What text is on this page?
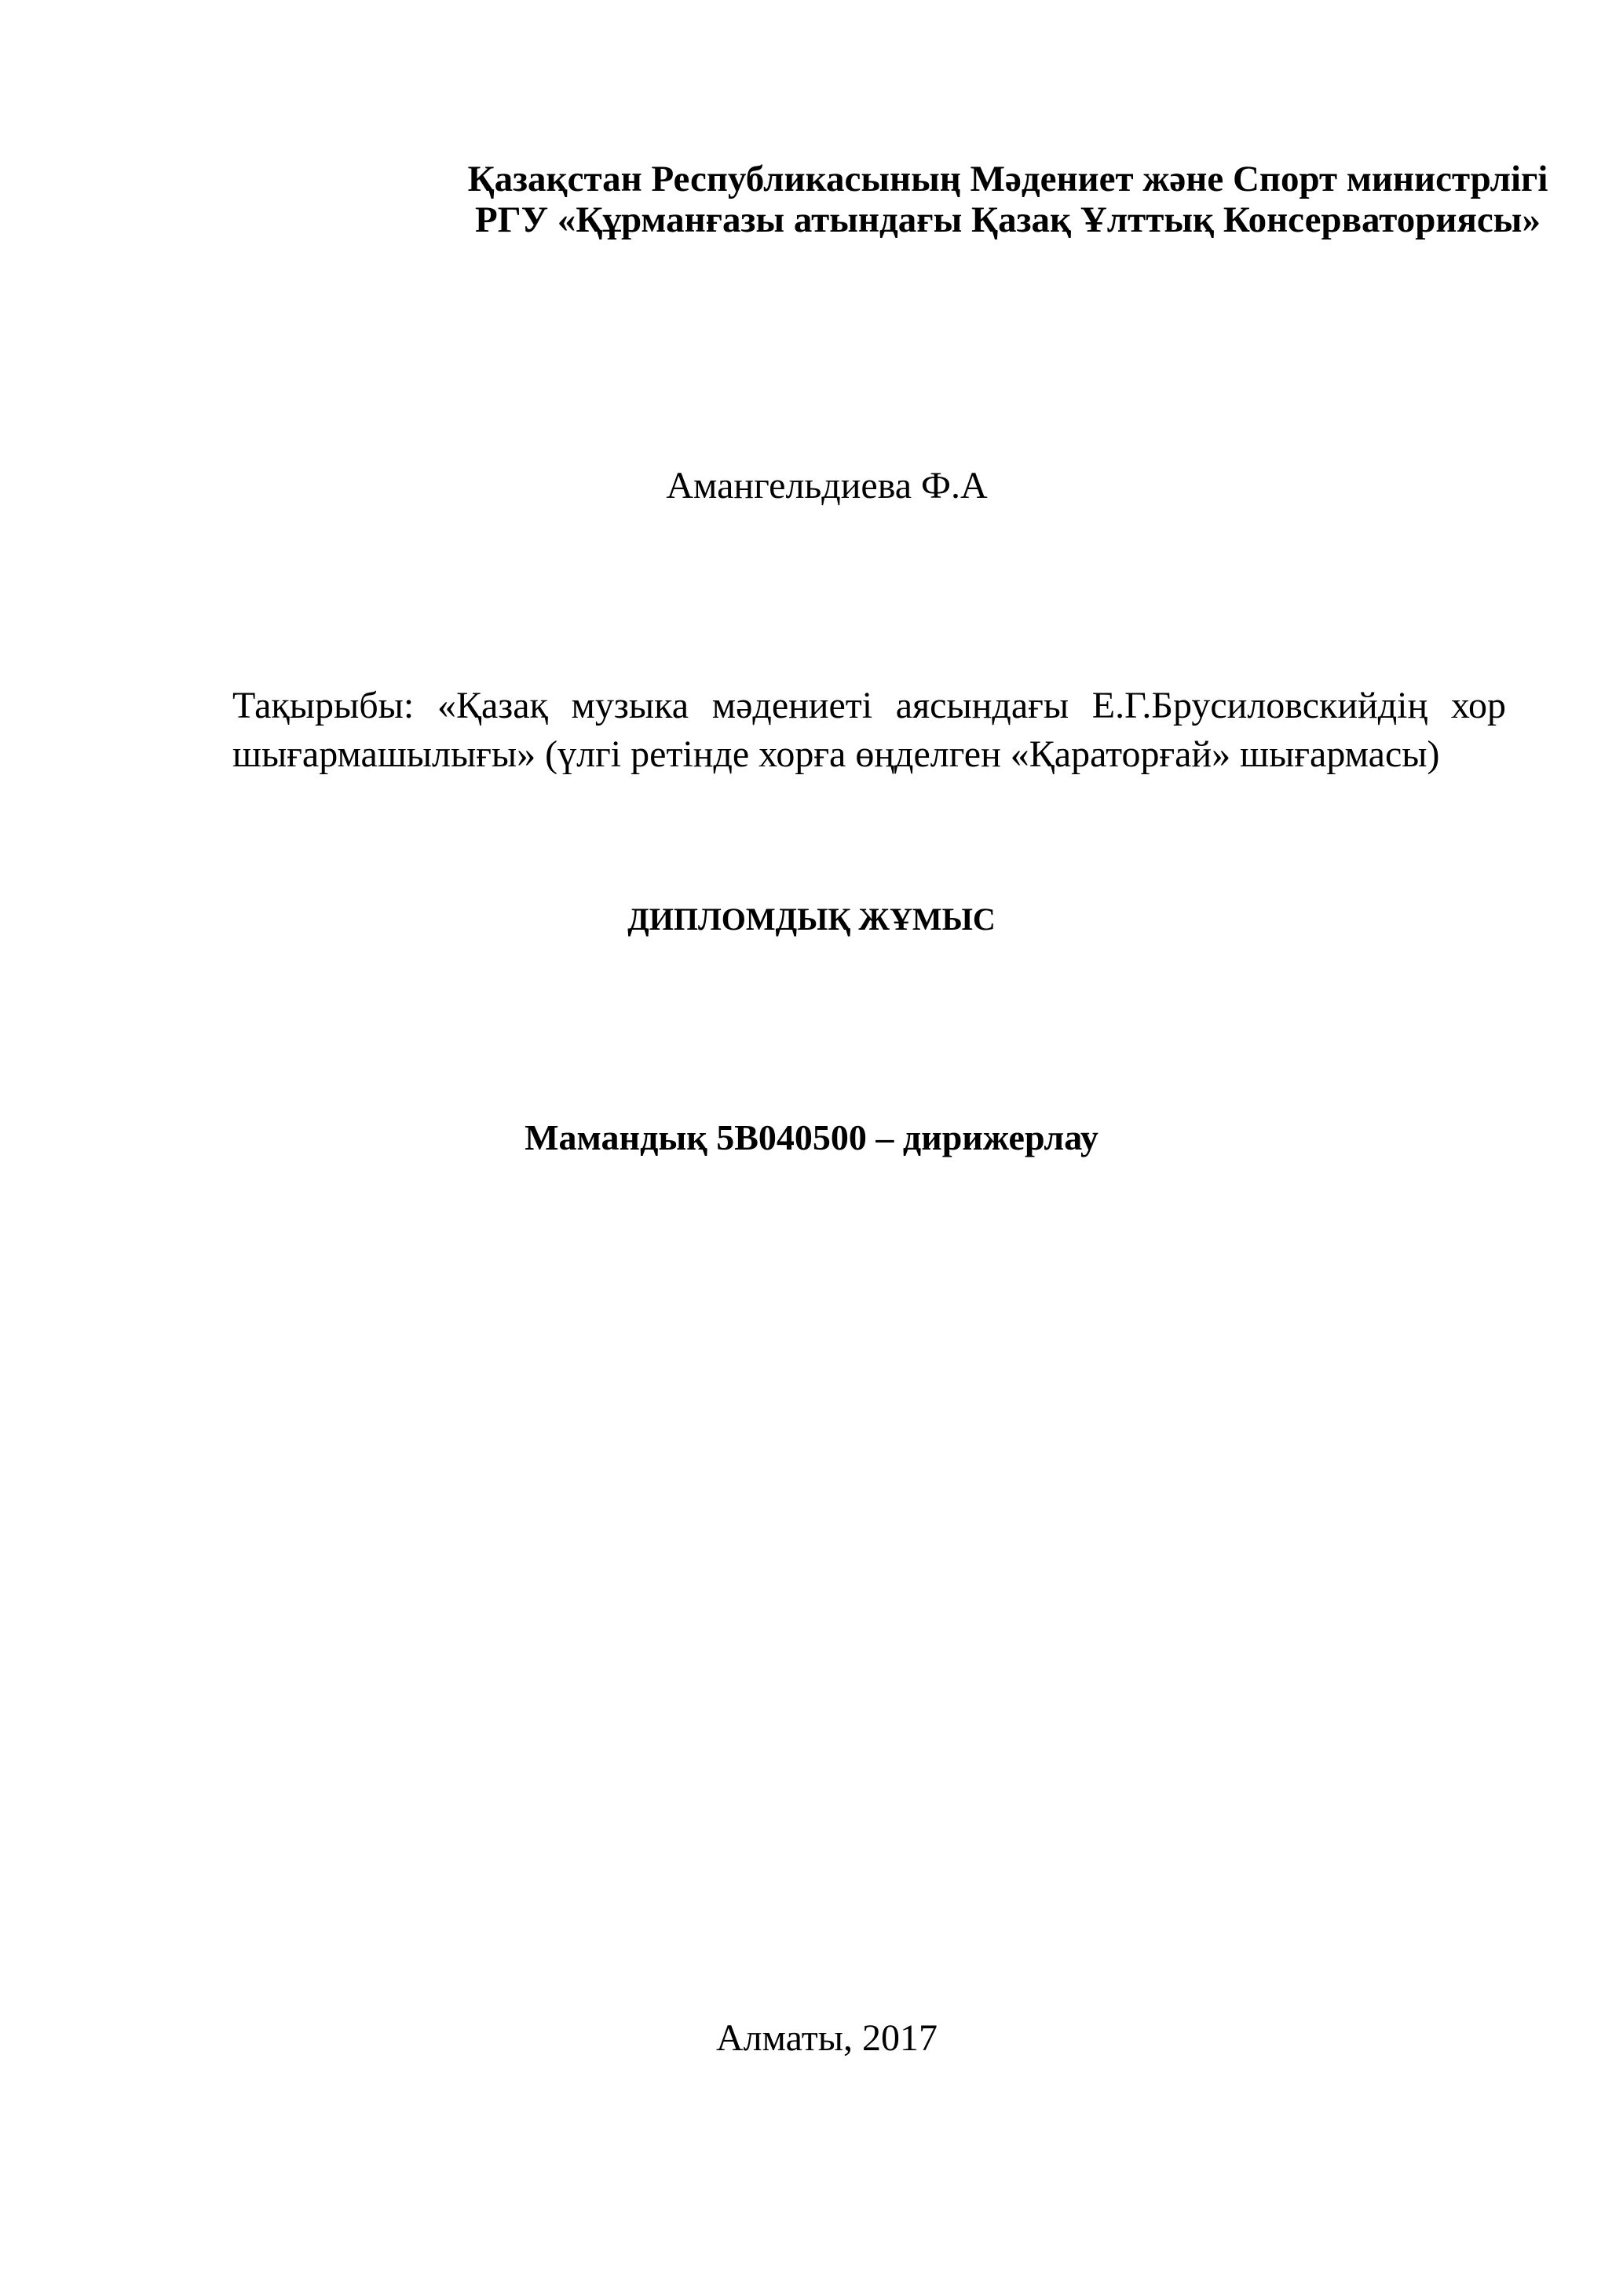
Қазақстан Республикасының Мәдениет және Спорт министрлігі
РГУ «Құрманғазы атындағы Қазақ Ұлттық Консерваториясы»
Амангельдиева Ф.А
Тақырыбы: «Қазақ музыка мәдениеті аясындағы Е.Г.Брусиловскийдің хор
шығармашылығы» (үлгі ретінде хорға өңделген «Қараторғай» шығармасы)
ДИПЛОМДЫҚ ЖҰМЫС
Мамандық 5В040500 – дирижерлау
Алматы, 2017
